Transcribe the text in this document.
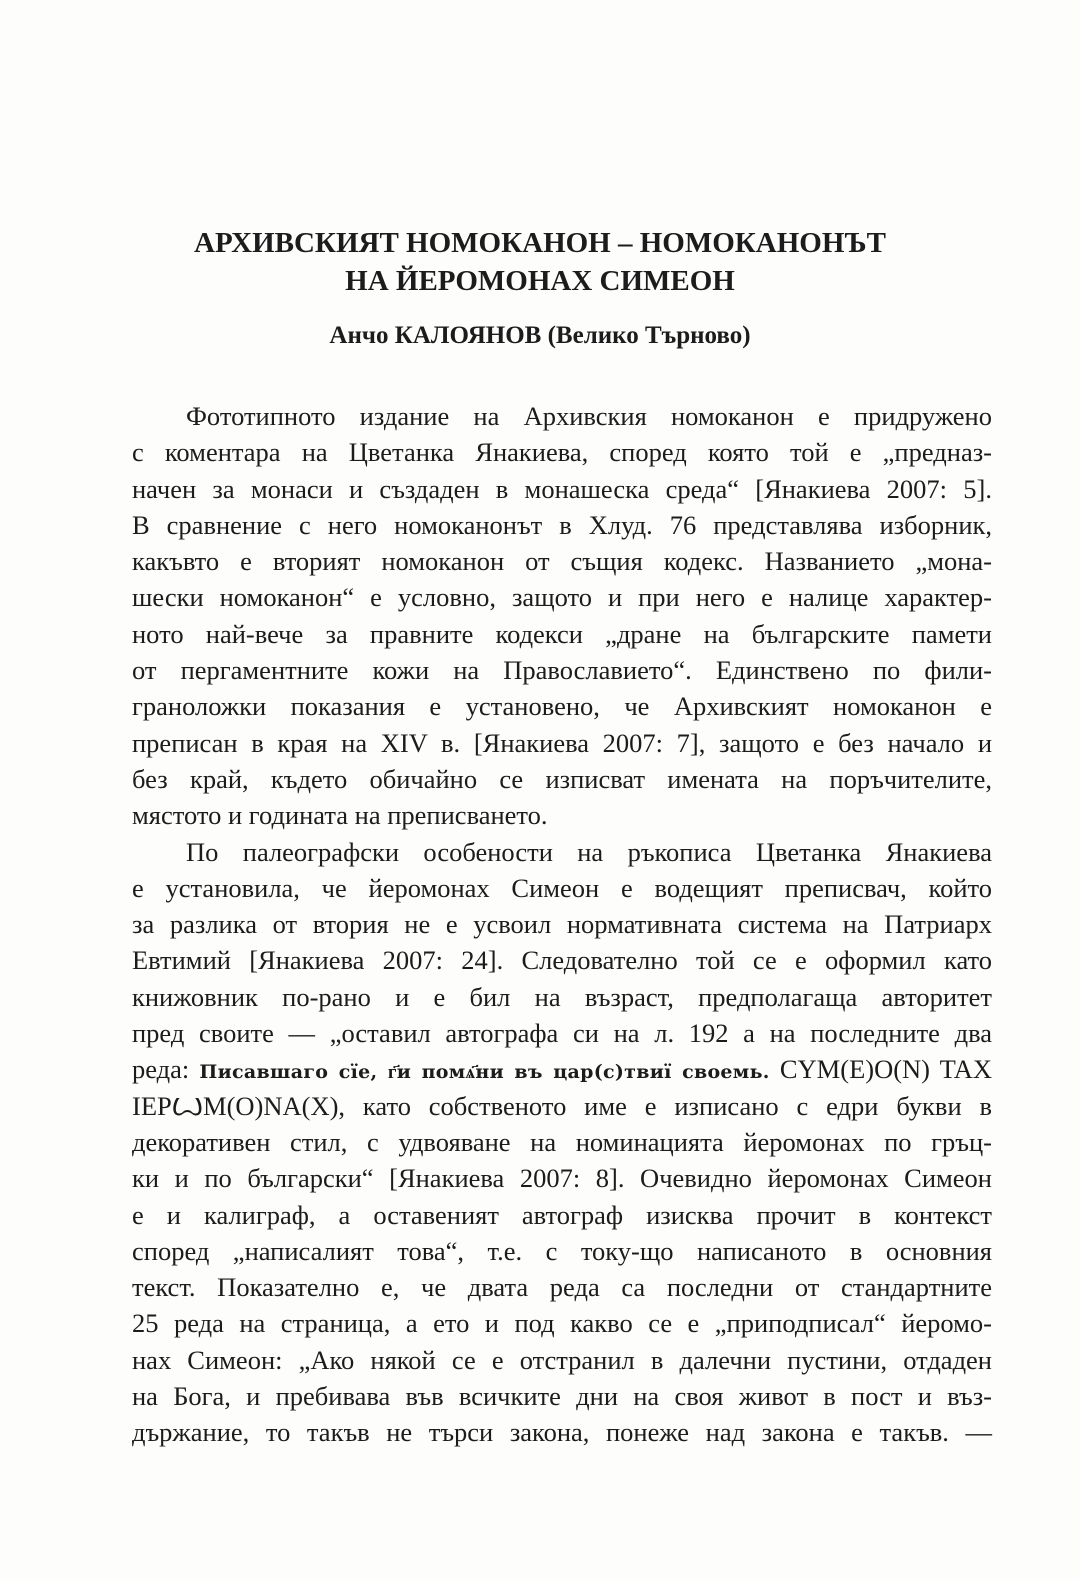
АРХИВСКИЯТ НОМОКАНОН – НОМОКАНОНЪТ
НА ЙЕРОМОНАХ СИМЕОН
Анчо КАЛОЯНОВ (Велико Търново)
Фототипното издание на Архивския номоканон е придружено
с коментара на Цветанка Янакиева, според която той е „предназ-
начен за монаси и създаден в монашеска среда“ [Янакиева 2007: 5].
В сравнение с него номоканонът в Хлуд. 76 представлява изборник,
какъвто е вторият номоканон от същия кодекс. Названието „мона-
шески номоканон“ е условно, защото и при него е налице характер-
ното най-вече за правните кодекси „дране на българските памети
от пергаментните кожи на Православието“. Единствено по фили-
граноложки показания е установено, че Архивският номоканон е
преписан в края на XIV в. [Янакиева 2007: 7], защото е без начало и
без край, където обичайно се изписват имената на поръчителите,
мястото и годината на преписването.
По палеографски особености на ръкописа Цветанка Янакиева
е установила, че йеромонах Симеон е водещият преписвач, който
за разлика от втория не е усвоил нормативната система на Патриарх
Евтимий [Янакиева 2007: 24]. Следователно той се е оформил като
книжовник по-рано и е бил на възраст, предполагаща авторитет
пред своите — „оставил автографа си на л. 192 а на последните два
реда: Писавшаго сїе, г҃и помѧ҃ни въ цар(с)твиї своемь. CYM(E)O(N) TAX
IEPꙌM(O)NA(X), като собственото име е изписано с едри букви в
декоративен стил, с удвояване на номинацията йеромонах по гръц-
ки и по български“ [Янакиева 2007: 8]. Очевидно йеромонах Симеон
е и калиграф, а оставеният автограф изисква прочит в контекст
според „написалият това“, т.е. с току-що написаното в основния
текст. Показателно е, че двата реда са последни от стандартните
25 реда на страница, а ето и под какво се е „приподписал“ йеромо-
нах Симеон: „Ако някой се е отстранил в далечни пустини, отдаден
на Бога, и пребивава във всичките дни на своя живот в пост и въз-
държание, то такъв не търси закона, понеже над закона е такъв. —
